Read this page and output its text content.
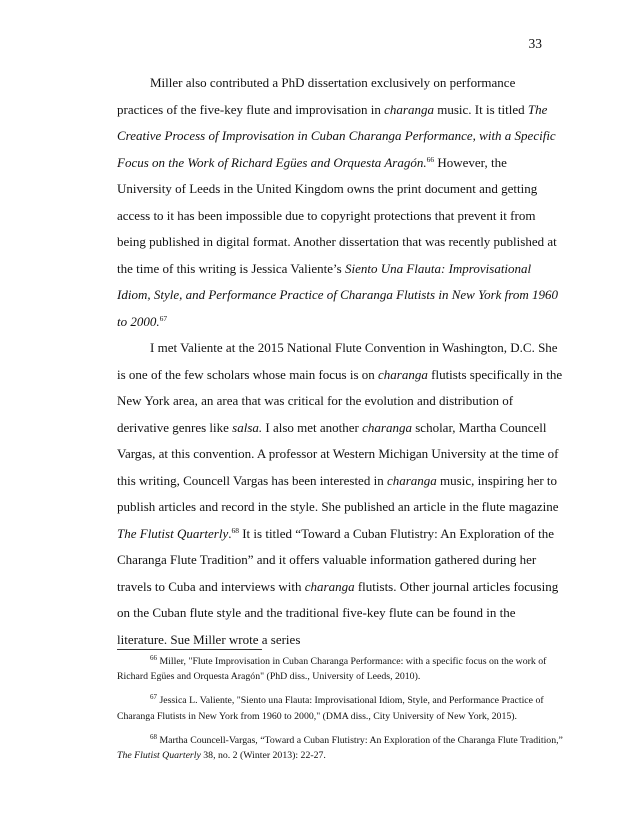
33

Miller also contributed a PhD dissertation exclusively on performance practices of the five-key flute and improvisation in charanga music. It is titled The Creative Process of Improvisation in Cuban Charanga Performance, with a Specific Focus on the Work of Richard Egües and Orquesta Aragón.$^{66}$ However, the University of Leeds in the United Kingdom owns the print document and getting access to it has been impossible due to copyright protections that prevent it from being published in digital format. Another dissertation that was recently published at the time of this writing is Jessica Valiente’s Siento Una Flauta: Improvisational Idiom, Style, and Performance Practice of Charanga Flutists in New York from 1960 to 2000.67

I met Valiente at the 2015 National Flute Convention in Washington, D.C. She is one of the few scholars whose main focus is on charanga flutists specifically in the New York area, an area that was critical for the evolution and distribution of derivative genres like salsa. I also met another charanga scholar, Martha Councell Vargas, at this convention. A professor at Western Michigan University at the time of this writing, Councell Vargas has been interested in charanga music, inspiring her to publish articles and record in the style. She published an article in the flute magazine The Flutist Quarterly.$^{68}$ It is titled “Toward a Cuban Flutistry: An Exploration of the Charanga Flute Tradition” and it offers valuable information gathered during her travels to Cuba and interviews with charanga flutists. Other journal articles focusing on the Cuban flute style and the traditional five-key flute can be found in the literature. Sue Miller wrote a series

$^{66}$ Miller, "Flute Improvisation in Cuban Charanga Performance: with a specific focus on the work of Richard Egües and Orquesta Aragón" (PhD diss., University of Leeds, 2010).

$^{67}$ Jessica L. Valiente, "Siento una Flauta: Improvisational Idiom, Style, and Performance Practice of Charanga Flutists in New York from 1960 to 2000," (DMA diss., City University of New York, 2015).

$^{68}$ Martha Councell-Vargas, “Toward a Cuban Flutistry: An Exploration of the Charanga Flute Tradition,” The Flutist Quarterly 38, no. 2 (Winter 2013): 22-27.
